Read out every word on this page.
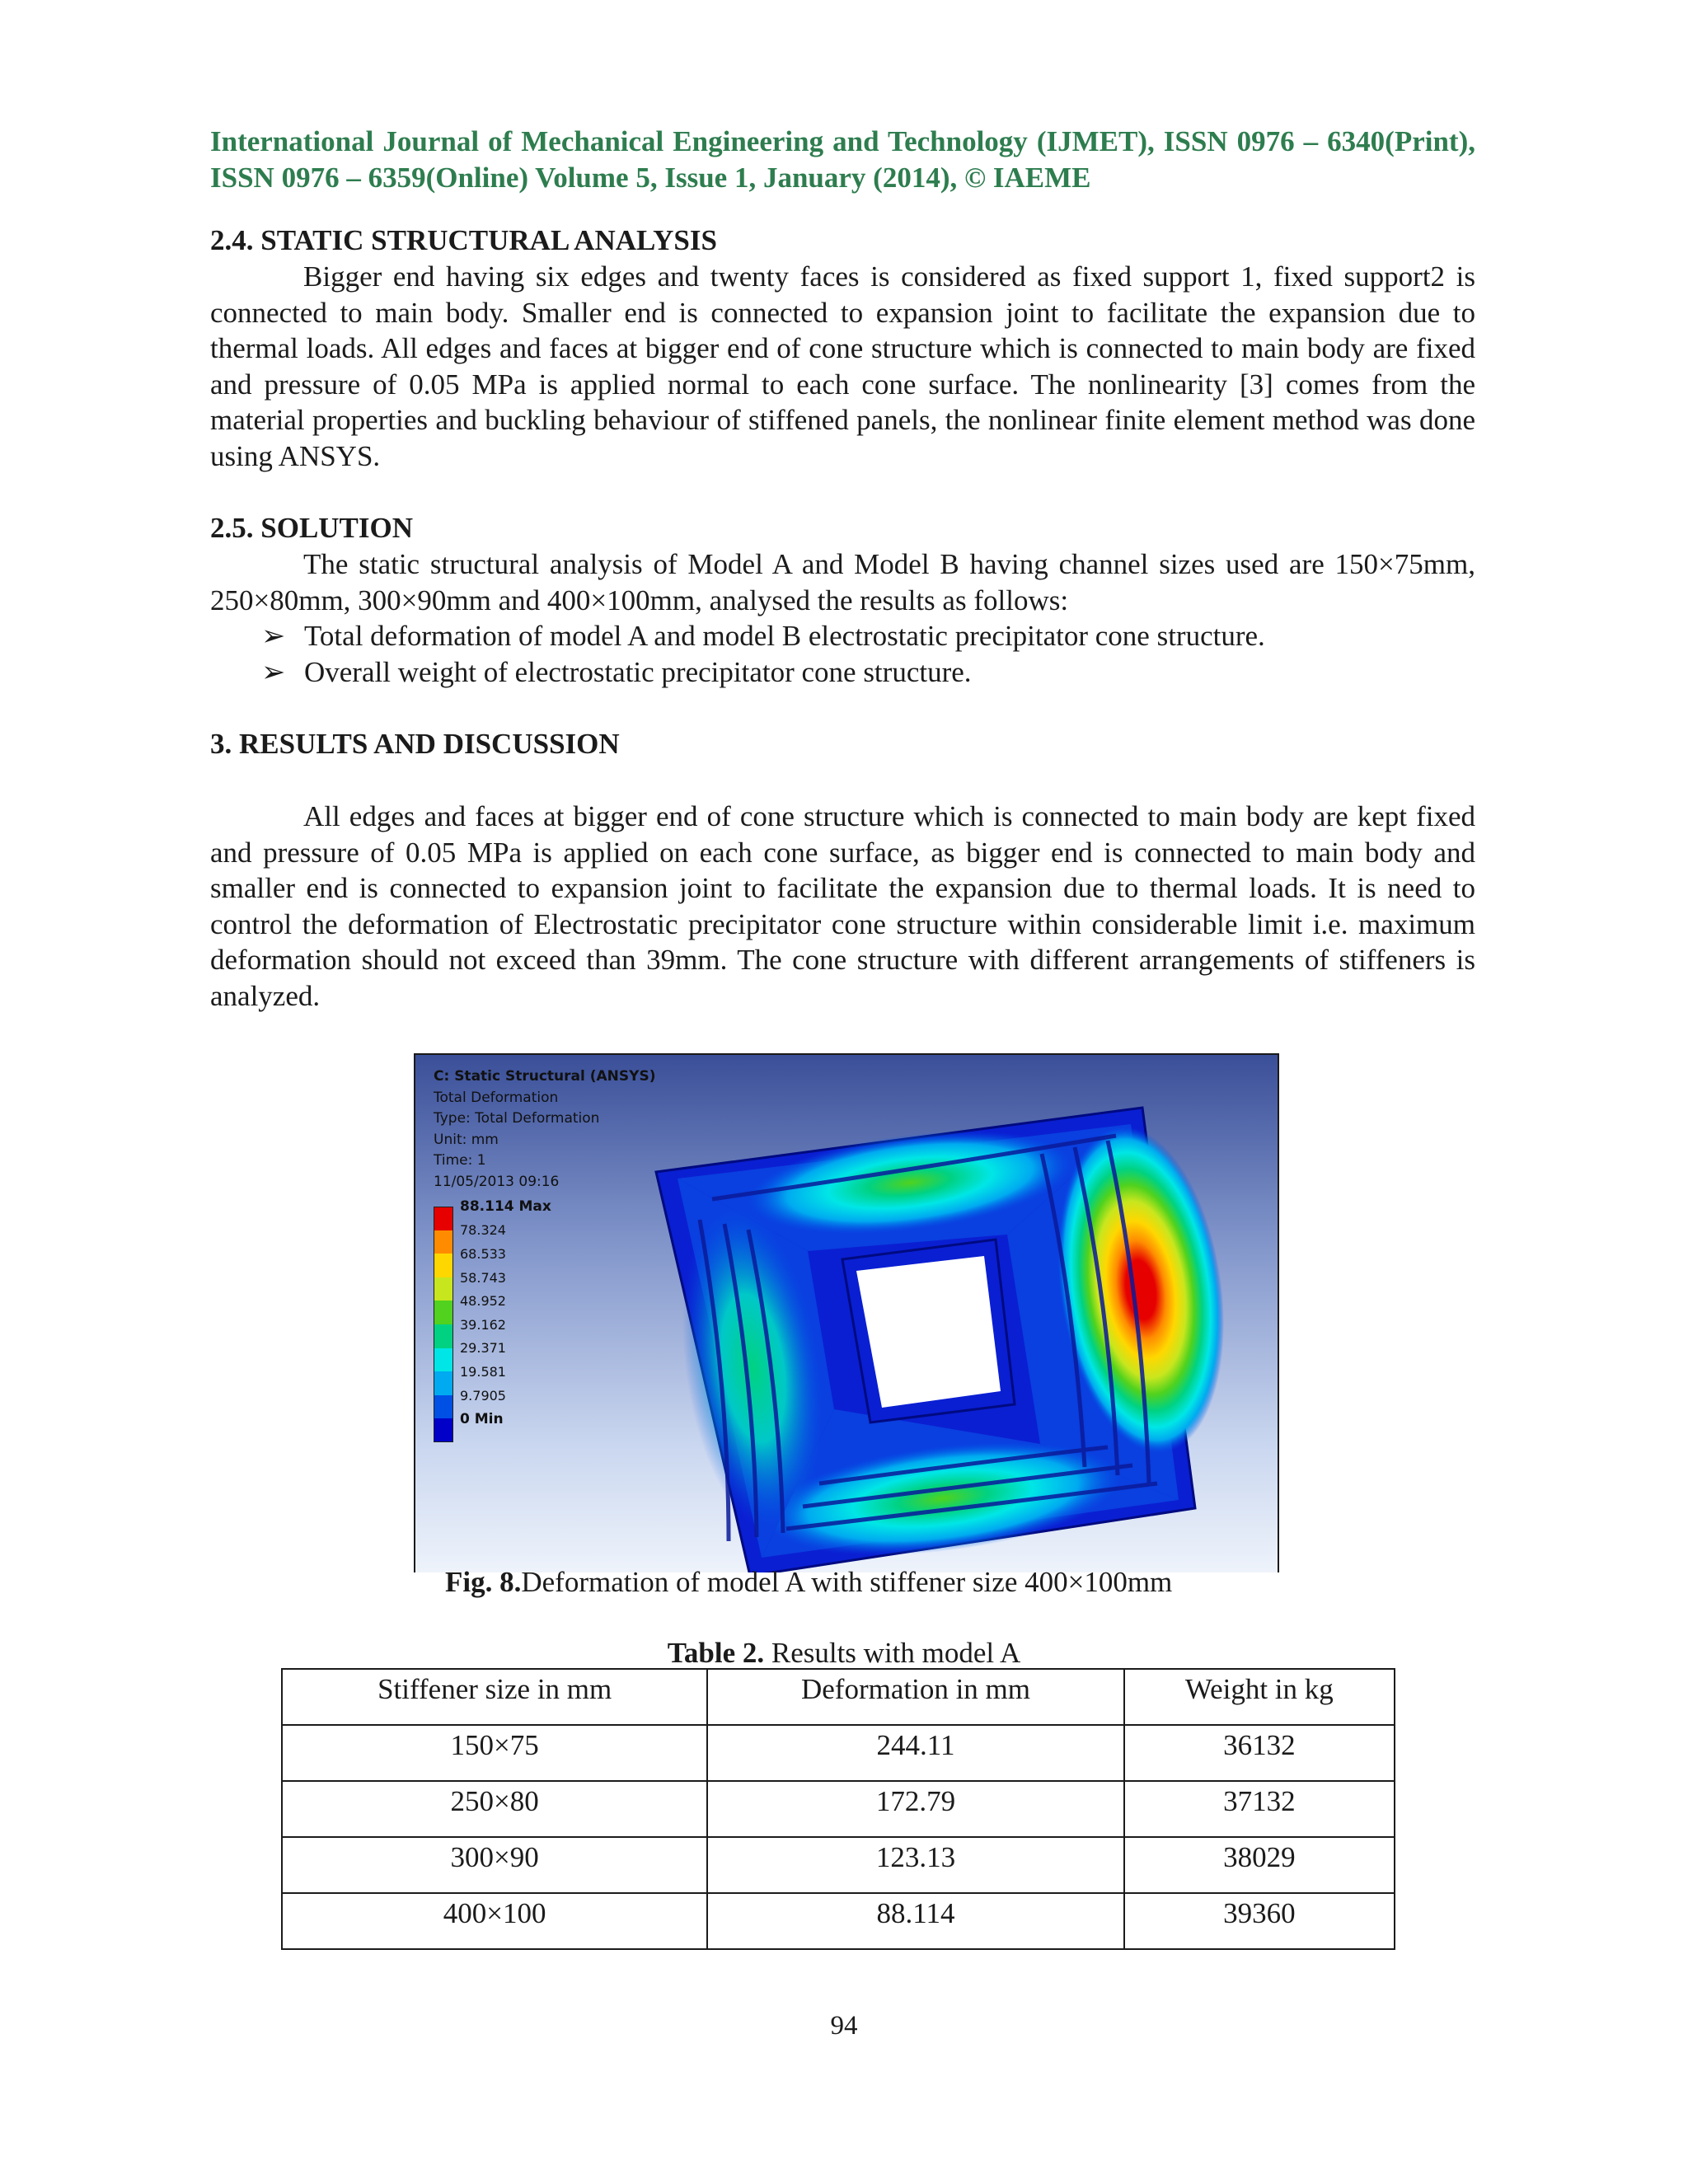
International Journal of Mechanical Engineering and Technology (IJMET), ISSN 0976 – 6340(Print), ISSN 0976 – 6359(Online) Volume 5, Issue 1, January (2014), © IAEME

2.4. STATIC STRUCTURAL ANALYSIS

Bigger end having six edges and twenty faces is considered as fixed support 1, fixed support2 is connected to main body. Smaller end is connected to expansion joint to facilitate the expansion due to thermal loads. All edges and faces at bigger end of cone structure which is connected to main body are fixed and pressure of 0.05 MPa is applied normal to each cone surface. The nonlinearity [3] comes from the material properties and buckling behaviour of stiffened panels, the nonlinear finite element method was done using ANSYS.

2.5. SOLUTION

The static structural analysis of Model A and Model B having channel sizes used are 150×75mm, 250×80mm, 300×90mm and 400×100mm, analysed the results as follows:

➢ Total deformation of model A and model B electrostatic precipitator cone structure.
➢ Overall weight of electrostatic precipitator cone structure.

3. RESULTS AND DISCUSSION

All edges and faces at bigger end of cone structure which is connected to main body are kept fixed and pressure of 0.05 MPa is applied on each cone surface, as bigger end is connected to main body and smaller end is connected to expansion joint to facilitate the expansion due to thermal loads. It is need to control the deformation of Electrostatic precipitator cone structure within considerable limit i.e. maximum deformation should not exceed than 39mm. The cone structure with different arrangements of stiffeners is analyzed.

C: Static Structural (ANSYS)
Total Deformation
Type: Total Deformation
Unit: mm
Time: 1
11/05/2013 09:16
88.114 Max
78.324
68.533
58.743
48.952
39.162
29.371
19.581
9.7905
0 Min

Fig. 8.Deformation of model A with stiffener size 400×100mm

Table 2. Results with model A

Stiffener size in mm	Deformation in mm	Weight in kg
150×75	244.11	36132
250×80	172.79	37132
300×90	123.13	38029
400×100	88.114	39360

94
